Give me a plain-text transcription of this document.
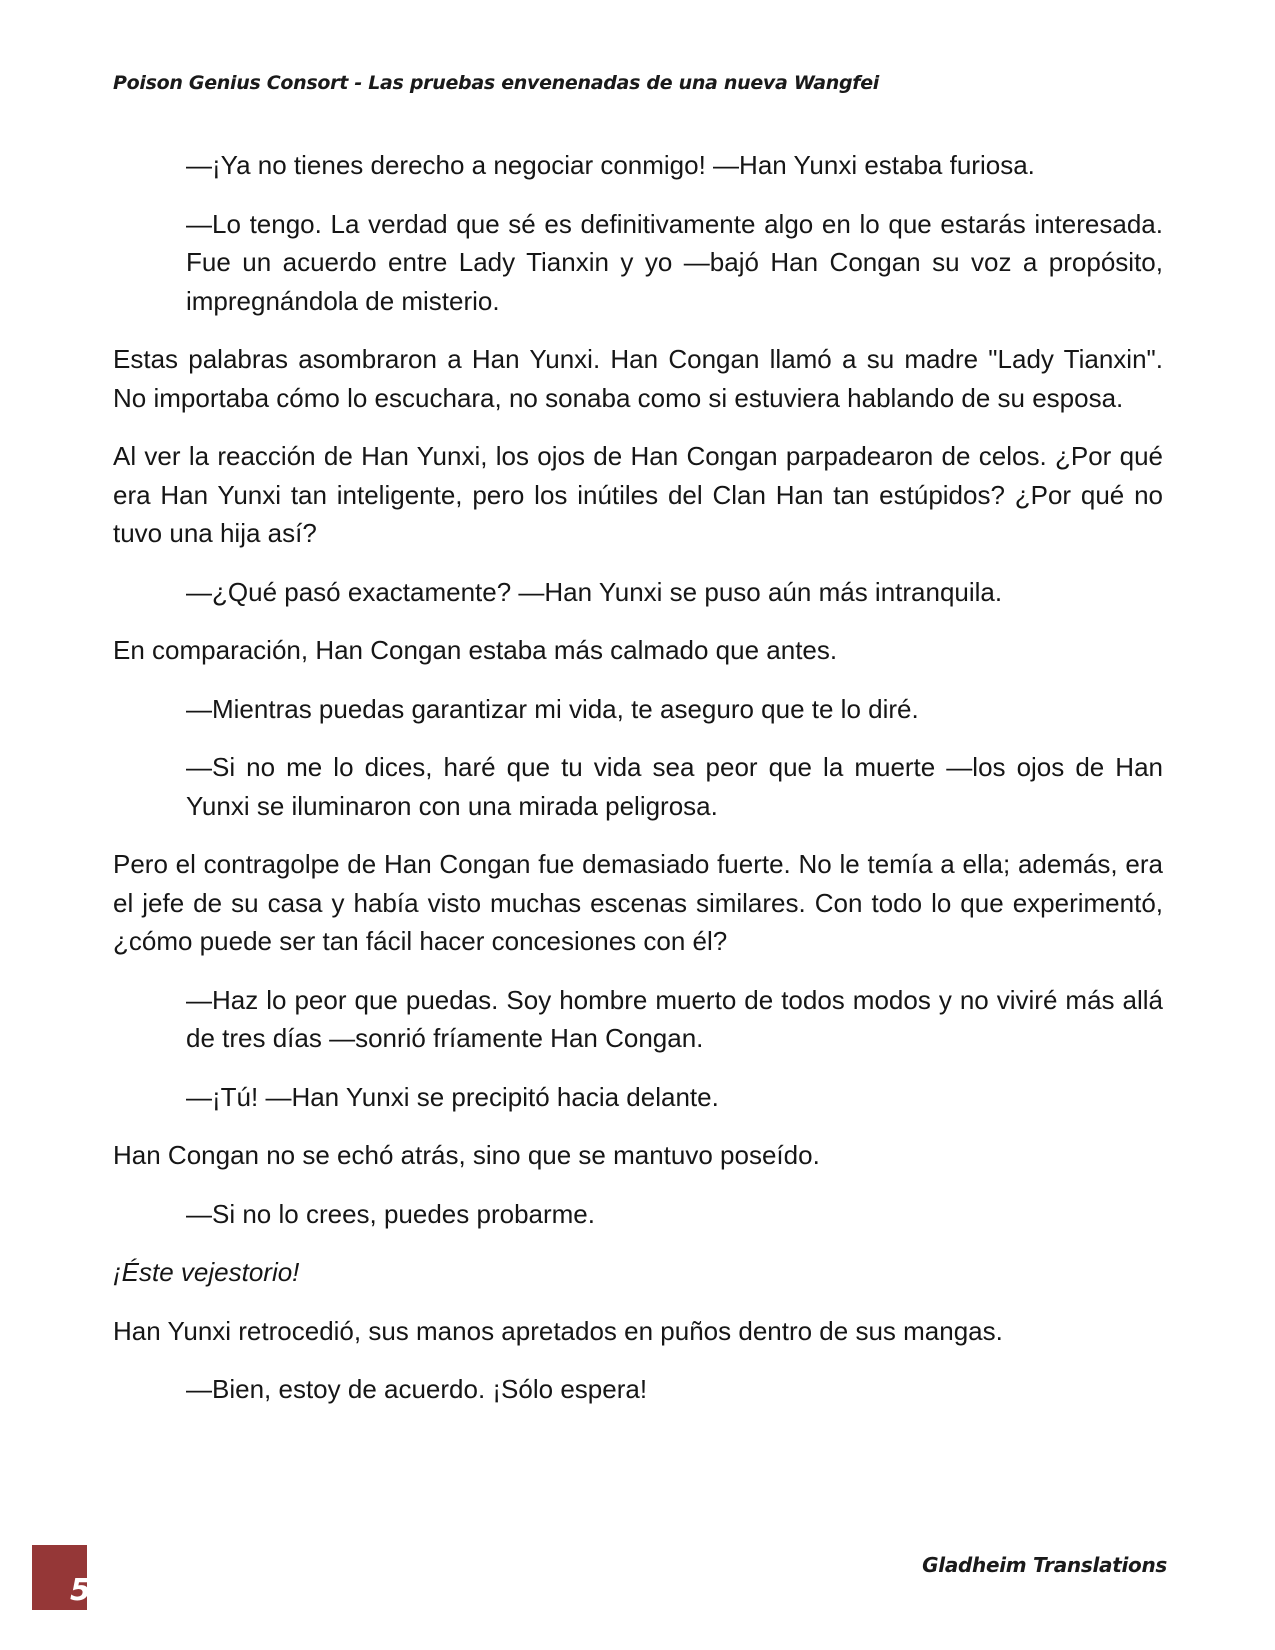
Poison Genius Consort - Las pruebas envenenadas de una nueva Wangfei

—¡Ya no tienes derecho a negociar conmigo! —Han Yunxi estaba furiosa.

—Lo tengo. La verdad que sé es definitivamente algo en lo que estarás interesada. Fue un acuerdo entre Lady Tianxin y yo —bajó Han Congan su voz a propósito, impregnándola de misterio.

Estas palabras asombraron a Han Yunxi. Han Congan llamó a su madre "Lady Tianxin". No importaba cómo lo escuchara, no sonaba como si estuviera hablando de su esposa.

Al ver la reacción de Han Yunxi, los ojos de Han Congan parpadearon de celos. ¿Por qué era Han Yunxi tan inteligente, pero los inútiles del Clan Han tan estúpidos? ¿Por qué no tuvo una hija así?

—¿Qué pasó exactamente? —Han Yunxi se puso aún más intranquila.

En comparación, Han Congan estaba más calmado que antes.

—Mientras puedas garantizar mi vida, te aseguro que te lo diré.

—Si no me lo dices, haré que tu vida sea peor que la muerte —los ojos de Han Yunxi se iluminaron con una mirada peligrosa.

Pero el contragolpe de Han Congan fue demasiado fuerte. No le temía a ella; además, era el jefe de su casa y había visto muchas escenas similares. Con todo lo que experimentó, ¿cómo puede ser tan fácil hacer concesiones con él?

—Haz lo peor que puedas. Soy hombre muerto de todos modos y no viviré más allá de tres días —sonrió fríamente Han Congan.

—¡Tú! —Han Yunxi se precipitó hacia delante.

Han Congan no se echó atrás, sino que se mantuvo poseído.

—Si no lo crees, puedes probarme.

¡Éste vejestorio!

Han Yunxi retrocedió, sus manos apretados en puños dentro de sus mangas.

—Bien, estoy de acuerdo. ¡Sólo espera!

5
Gladheim Translations
